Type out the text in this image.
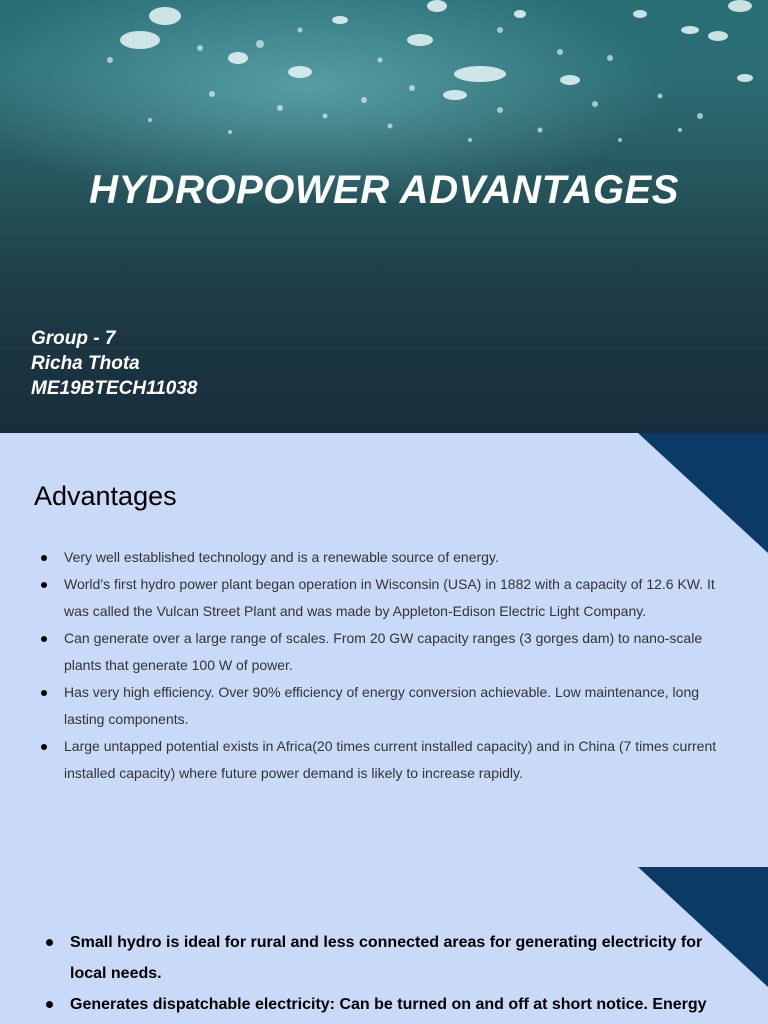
HYDROPOWER ADVANTAGES
Group - 7
Richa Thota
ME19BTECH11038
Advantages
Very well established technology and is a renewable source of energy.
World’s first hydro power plant began operation in Wisconsin (USA) in 1882 with a capacity of 12.6 KW. It was called the Vulcan Street Plant and was made by Appleton-Edison Electric Light Company.
Can generate over a large range of scales. From 20 GW capacity ranges (3 gorges dam) to nano-scale plants that generate 100 W of power.
Has very high efficiency. Over 90% efficiency of energy conversion achievable. Low maintenance, long lasting components.
Large untapped potential exists in Africa(20 times current installed capacity) and in China (7 times current installed capacity) where future power demand is likely to increase rapidly.
Small hydro is ideal for rural and less connected areas for generating electricity for local needs.
Generates dispatchable electricity: Can be turned on and off at short notice. Energy
